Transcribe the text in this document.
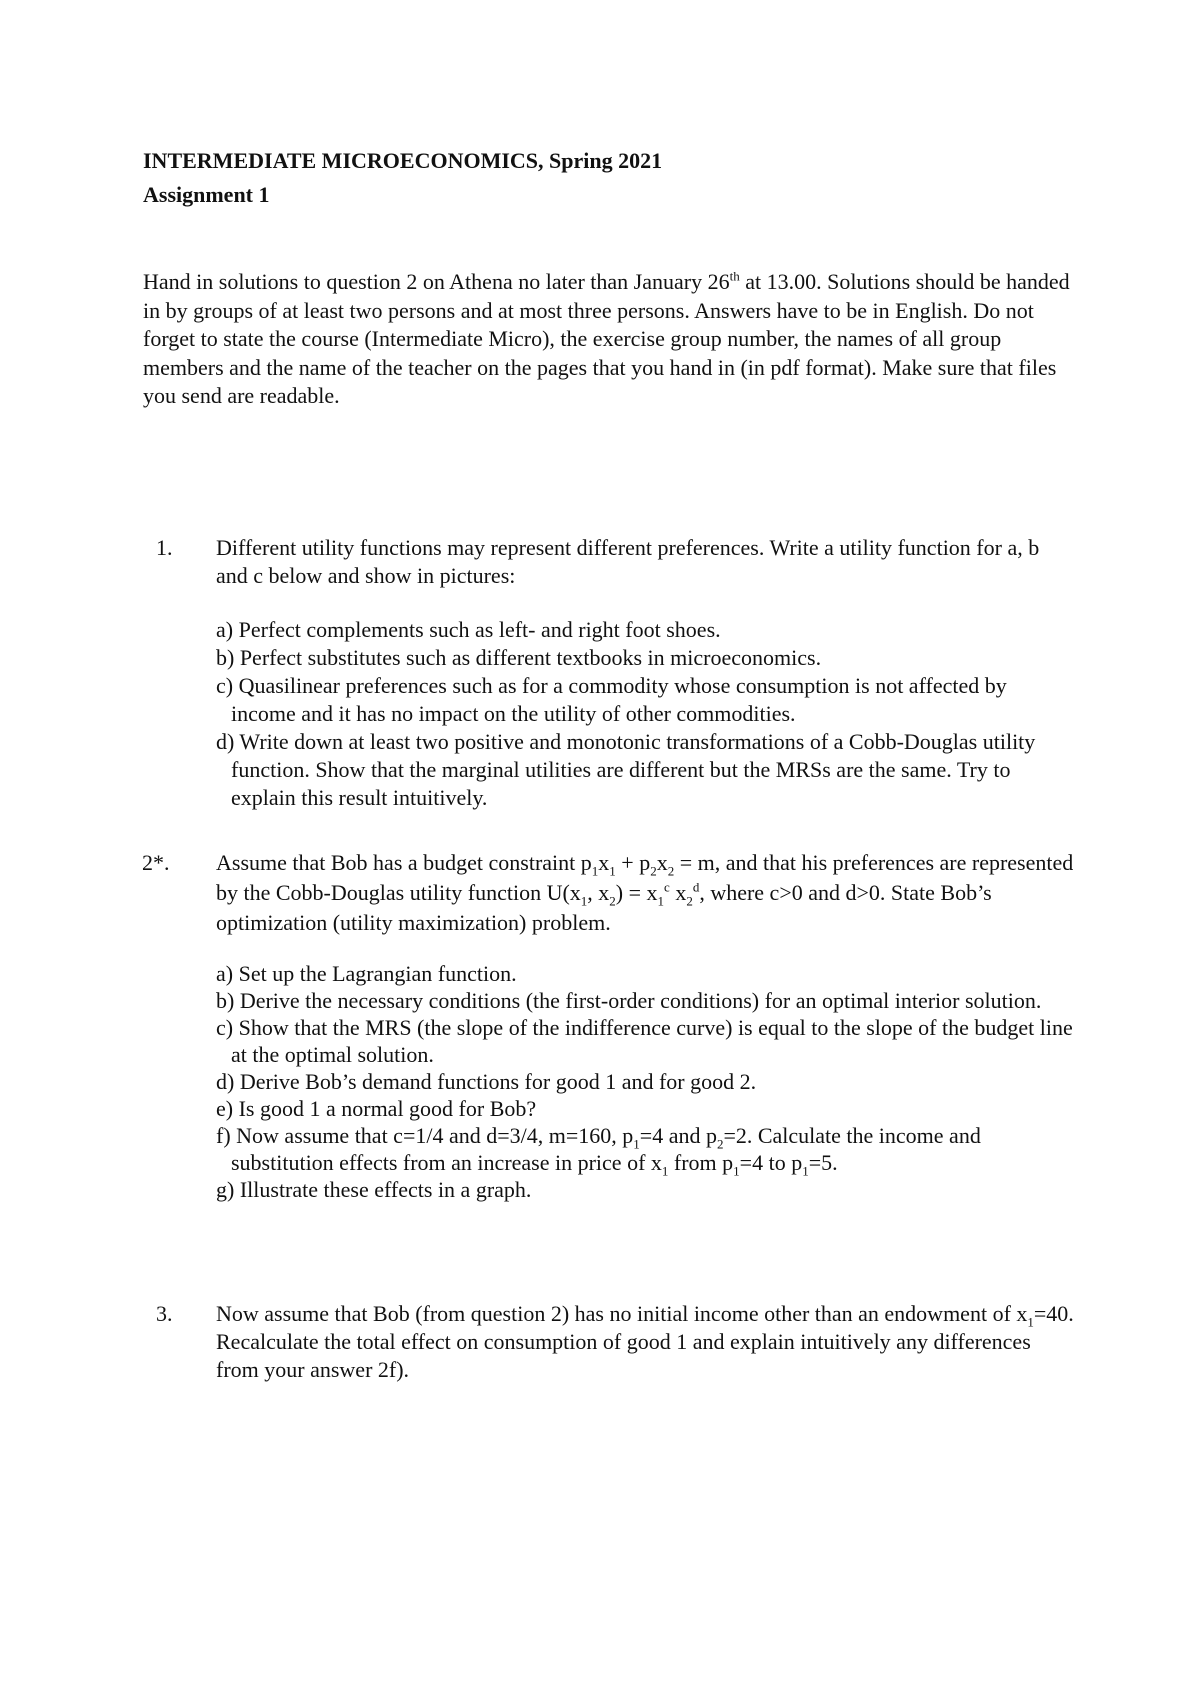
INTERMEDIATE MICROECONOMICS, Spring 2021
Assignment 1
Hand in solutions to question 2 on Athena no later than January 26th at 13.00. Solutions should be handed in by groups of at least two persons and at most three persons. Answers have to be in English. Do not forget to state the course (Intermediate Micro), the exercise group number, the names of all group members and the name of the teacher on the pages that you hand in (in pdf format). Make sure that files you send are readable.
1. Different utility functions may represent different preferences. Write a utility function for a, b and c below and show in pictures:
a) Perfect complements such as left- and right foot shoes.
b) Perfect substitutes such as different textbooks in microeconomics.
c) Quasilinear preferences such as for a commodity whose consumption is not affected by income and it has no impact on the utility of other commodities.
d) Write down at least two positive and monotonic transformations of a Cobb-Douglas utility function. Show that the marginal utilities are different but the MRSs are the same. Try to explain this result intuitively.
2*. Assume that Bob has a budget constraint $p_1x_1 + p_2x_2 = m$, and that his preferences are represented by the Cobb-Douglas utility function $U(x_1$, $x_2) = x_1^c$ $x_2^d$, where c>0 and d>0. State Bob’s optimization (utility maximization) problem.
a) Set up the Lagrangian function.
b) Derive the necessary conditions (the first-order conditions) for an optimal interior solution.
c) Show that the MRS (the slope of the indifference curve) is equal to the slope of the budget line at the optimal solution.
d) Derive Bob’s demand functions for good 1 and for good 2.
e) Is good 1 a normal good for Bob?
f) Now assume that c=1/4 and d=3/4, m=160, $p_1=4$ and $p_2=2$. Calculate the income and substitution effects from an increase in price of $x_1$ from $p_1=4$ to $p_1=5$.
g) Illustrate these effects in a graph.
3. Now assume that Bob (from question 2) has no initial income other than an endowment of $x_1=40$. Recalculate the total effect on consumption of good 1 and explain intuitively any differences from your answer 2f).
